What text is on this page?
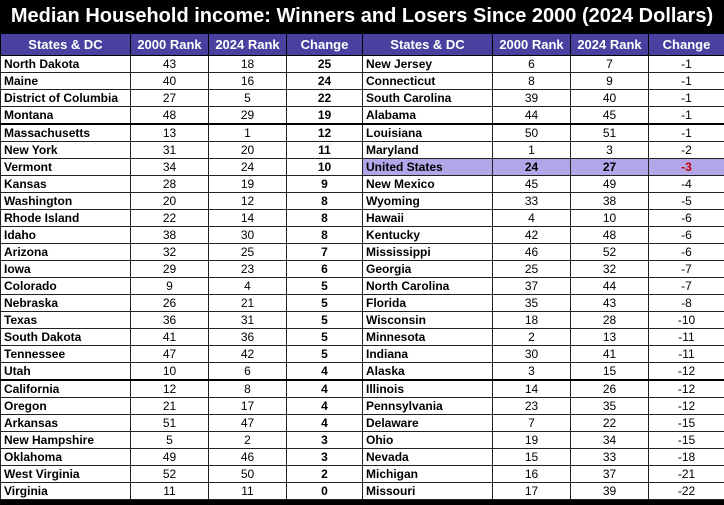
Median Household income: Winners and Losers Since 2000 (2024 Dollars)
States & DC	2000 Rank	2024 Rank	Change	States & DC	2000 Rank	2024 Rank	Change
North Dakota	43	18	25	New Jersey	6	7	-1
Maine	40	16	24	Connecticut	8	9	-1
District of Columbia	27	5	22	South Carolina	39	40	-1
Montana	48	29	19	Alabama	44	45	-1
Massachusetts	13	1	12	Louisiana	50	51	-1
New York	31	20	11	Maryland	1	3	-2
Vermont	34	24	10	United States	24	27	-3
Kansas	28	19	9	New Mexico	45	49	-4
Washington	20	12	8	Wyoming	33	38	-5
Rhode Island	22	14	8	Hawaii	4	10	-6
Idaho	38	30	8	Kentucky	42	48	-6
Arizona	32	25	7	Mississippi	46	52	-6
Iowa	29	23	6	Georgia	25	32	-7
Colorado	9	4	5	North Carolina	37	44	-7
Nebraska	26	21	5	Florida	35	43	-8
Texas	36	31	5	Wisconsin	18	28	-10
South Dakota	41	36	5	Minnesota	2	13	-11
Tennessee	47	42	5	Indiana	30	41	-11
Utah	10	6	4	Alaska	3	15	-12
California	12	8	4	Illinois	14	26	-12
Oregon	21	17	4	Pennsylvania	23	35	-12
Arkansas	51	47	4	Delaware	7	22	-15
New Hampshire	5	2	3	Ohio	19	34	-15
Oklahoma	49	46	3	Nevada	15	33	-18
West Virginia	52	50	2	Michigan	16	37	-21
Virginia	11	11	0	Missouri	17	39	-22
